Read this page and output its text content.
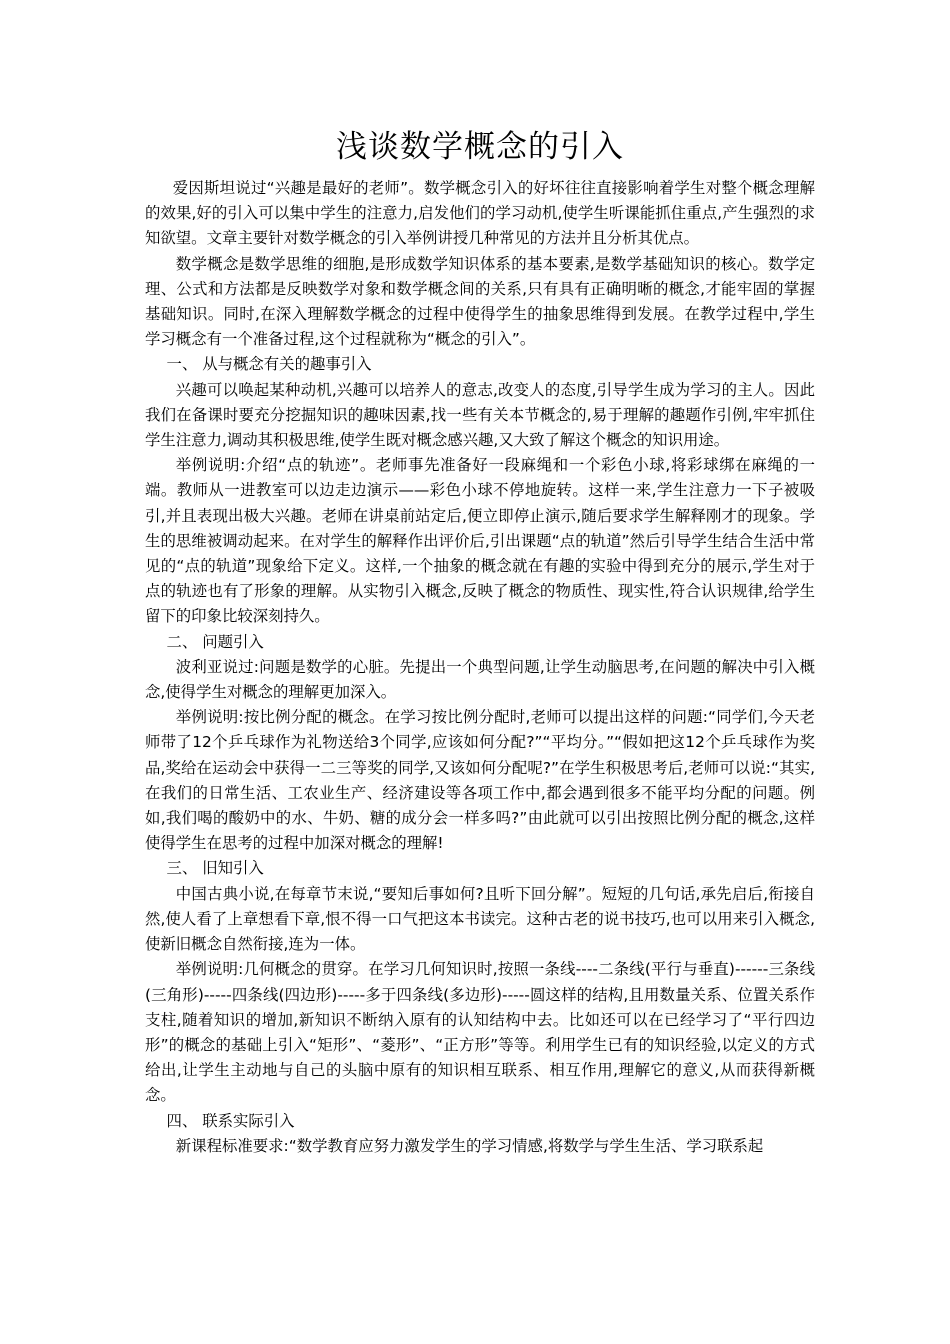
浅谈数学概念的引入

爱因斯坦说过“兴趣是最好的老师”。数学概念引入的好坏往往直接影响着学生对整个概念理解的效果,好的引入可以集中学生的注意力,启发他们的学习动机,使学生听课能抓住重点,产生强烈的求知欲望。文章主要针对数学概念的引入举例讲授几种常见的方法并且分析其优点。

数学概念是数学思维的细胞,是形成数学知识体系的基本要素,是数学基础知识的核心。数学定理、公式和方法都是反映数学对象和数学概念间的关系,只有具有正确明晰的概念,才能牢固的掌握基础知识。同时,在深入理解数学概念的过程中使得学生的抽象思维得到发展。在教学过程中,学生学习概念有一个准备过程,这个过程就称为“概念的引入”。

一、 从与概念有关的趣事引入

兴趣可以唤起某种动机,兴趣可以培养人的意志,改变人的态度,引导学生成为学习的主人。因此我们在备课时要充分挖掘知识的趣味因素,找一些有关本节概念的,易于理解的趣题作引例,牢牢抓住学生注意力,调动其积极思维,使学生既对概念感兴趣,又大致了解这个概念的知识用途。

举例说明:介绍“点的轨迹”。老师事先准备好一段麻绳和一个彩色小球,将彩球绑在麻绳的一端。教师从一进教室可以边走边演示——彩色小球不停地旋转。这样一来,学生注意力一下子被吸引,并且表现出极大兴趣。老师在讲桌前站定后,便立即停止演示,随后要求学生解释刚才的现象。学生的思维被调动起来。在对学生的解释作出评价后,引出课题“点的轨道”然后引导学生结合生活中常见的“点的轨道”现象给下定义。这样,一个抽象的概念就在有趣的实验中得到充分的展示,学生对于点的轨迹也有了形象的理解。从实物引入概念,反映了概念的物质性、现实性,符合认识规律,给学生留下的印象比较深刻持久。

二、 问题引入

波利亚说过:问题是数学的心脏。先提出一个典型问题,让学生动脑思考,在问题的解决中引入概念,使得学生对概念的理解更加深入。

举例说明:按比例分配的概念。在学习按比例分配时,老师可以提出这样的问题:“同学们,今天老师带了12个乒乓球作为礼物送给3个同学,应该如何分配?”“平均分。”“假如把这12个乒乓球作为奖品,奖给在运动会中获得一二三等奖的同学,又该如何分配呢?”在学生积极思考后,老师可以说:“其实,在我们的日常生活、工农业生产、经济建设等各项工作中,都会遇到很多不能平均分配的问题。例如,我们喝的酸奶中的水、牛奶、糖的成分会一样多吗?”由此就可以引出按照比例分配的概念,这样使得学生在思考的过程中加深对概念的理解!

三、 旧知引入

中国古典小说,在每章节末说,“要知后事如何?且听下回分解”。短短的几句话,承先启后,衔接自然,使人看了上章想看下章,恨不得一口气把这本书读完。这种古老的说书技巧,也可以用来引入概念,使新旧概念自然衔接,连为一体。

举例说明:几何概念的贯穿。在学习几何知识时,按照一条线----二条线(平行与垂直)------三条线(三角形)-----四条线(四边形)-----多于四条线(多边形)-----圆这样的结构,且用数量关系、位置关系作支柱,随着知识的增加,新知识不断纳入原有的认知结构中去。比如还可以在已经学习了“平行四边形”的概念的基础上引入“矩形”、“菱形”、“正方形”等等。利用学生已有的知识经验,以定义的方式给出,让学生主动地与自己的头脑中原有的知识相互联系、相互作用,理解它的意义,从而获得新概念。

四、 联系实际引入

新课程标准要求:“数学教育应努力激发学生的学习情感,将数学与学生生活、学习联系起
